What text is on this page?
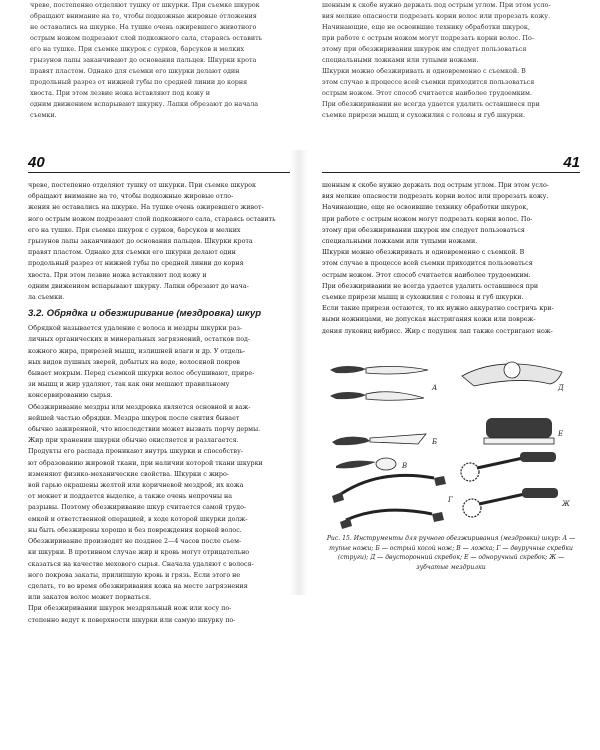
чреве, постепенно отделяют тушку от шкурки. При съемке шкурок
обращают внимание на то, чтобы подкожные жировые отложения
не оставались на шкурке. На тушке очень ожиревшего животного
острым ножом подрезают слой подкожного сала, стараясь оставить
его на тушке. При съемке шкурок с сурков, барсуков и мелких
грызунов лапы заканчивают до основания пальцев. Шкурки крота
правят пластом. Однако для съемки его шкурки делают один
продольный разрез от нижней губы по средней линии до корня
хвоста. При этом лезвие ножа вставляют под кожу и
одним движением вспарывают шкурку. Лапки обрезают до начала
съемки.
шенным к скобе нужно держать под острым углом. При этом усло-
вия мелкие опасности подрезать корни волос или прорезать кожу.
Начинающие, еще не освоившие технику обработки шкурок,
при работе с острым ножом могут подрезать корни волос. По-
этому при обезжиривании шкурок им следует пользоваться
специальными ложками или тупыми ножами.
Шкурки можно обезжиривать и одновременно с съемкой. В
этом случае в процессе всей съемки приходится пользоваться
острым ножом. Этот способ считается наиболее трудоемким.
При обезжиривании не всегда удается удалить оставшиеся при
съемке прирези мышц и сухожилия с головы и губ шкурки.
40
чреве, постепенно отделяют тушку от шкурки. При съемке шкурок
обращают внимание на то, чтобы подкожные жировые отло-
жения не оставались на шкурке. На тушке очень ожиревшего живот-
ного острым ножом подрезают слой подкожного сала, стараясь оставить
его на тушке. При съемке шкурок с сурков, барсуков и мелких
грызунов лапы заканчивают до основания пальцев. Шкурки крота
правят пластом. Однако для съемки его шкурки делают один
продольный разрез от нижней губы по средней линии до корня
хвоста. При этом лезвие ножа вставляют под кожу и
одним движением вспарывают шкурку. Лапки обрезают до нача-
ла съемки.
3.2. Обрядка и обезжиривание (мездровка) шкур
Обрядкой называется удаление с волоса и мездры шкурки раз-
личных органических и минеральных загрязнений, остатков под-
кожного жира, прирезей мышц, излишней влаги и др. У отдель-
ных видов пушных зверей, добытых на воде, волосяной покров
бывает мокрым. Перед съемкой шкурки волос обсушивают, прире-
зи мышц и жир удаляют, так как они мешают правильному
консервированию сырья.
Обезжиривание мездры или мездровка является основной и важ-
нейшей частью обрядки. Мездра шкурок после снятия бывает
обычно зажиренной, что впоследствии может вызвать порчу дермы.
Жир при хранении шкурки обычно окисляется и разлагается.
Продукты его распада проникают внутрь шкурки и способству-
ют образованию жировой ткани, при наличии которой ткани шкурки
изменяют физико-механические свойства. Шкурки с жиро-
вой гарью окрашены желтой или коричневой мездрой, их кожа
от мокнет и поддается выделке, а также очень непрочны на
разрывы. Поэтому обезжиривание шкур считается самой трудо-
емкой и ответственной операцией, в ходе которой шкурки долж-
ны быть обезжирены хорошо и без повреждения корней волос.
Обезжиривание производят не позднее 2—4 часов после съем-
ки шкурки. В противном случае жир и кровь могут отрицательно
сказаться на качестве мехового сырья. Сначала удаляют с волося-
ного покрова закаты, прилипшую кровь и грязь. Если этого не
сделать, то во время обезжиривания кожа на месте загрязнения
или закатов волос может порваться.
При обезжиривании шкурок мездряльный нож или косу по-
степенно ведут к поверхности шкурки или самую шкурку по-
41
шенным к скобе нужно держать под острым углом. При этом усло-
вия мелкие опасности подрезать корни волос или прорезать кожу.
Начинающие, еще не освоившие технику обработки шкурок,
при работе с острым ножом могут подрезать корни волос. По-
этому при обезжиривании шкурок им следует пользоваться
специальными ложками или тупыми ножами.
Шкурки можно обезжиривать и одновременно с съемкой. В
этом случае в процессе всей съемки приходится пользоваться
острым ножом. Этот способ считается наиболее трудоемким.
При обезжиривании не всегда удается удалить оставшиеся при
съемке прирези мышц и сухожилия с головы и губ шкурки.
Если такие прирези остаются, то их нужно аккуратно состричь кри-
выми ножницами, не допуская выстригания кожи или повреж-
дения луковиц вибрисс. Жир с подушек лап также состригают нож-
А
Б
В
Г
Д
Е
Ж
Рис. 15. Инструменты для ручного обезжиривания (мездровки) шкур: А — тупые ножи; Б — острый косой нож; В — ложка; Г — двуручные скребки (струги); Д — двусторонний скребок; Е — одноручный скребок; Ж — зубчатые мездрилки
